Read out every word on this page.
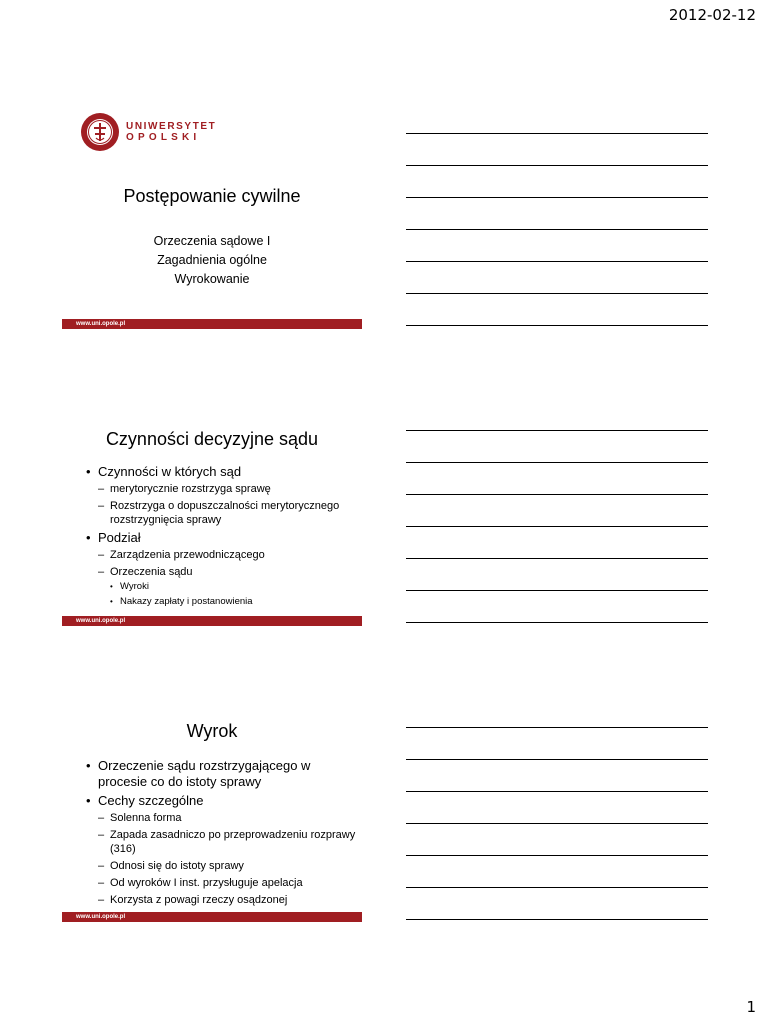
2012-02-12
UNIWERSYTET
OPOLSKI
Postępowanie cywilne
Orzeczenia sądowe I
Zagadnienia ogólne
Wyrokowanie
www.uni.opole.pl
Czynności decyzyjne sądu
• Czynności w których sąd
– merytorycznie rozstrzyga sprawę
– Rozstrzyga o dopuszczalności merytorycznego rozstrzygnięcia sprawy
• Podział
– Zarządzenia przewodniczącego
– Orzeczenia sądu
• Wyroki
• Nakazy zapłaty i postanowienia
www.uni.opole.pl
Wyrok
• Orzeczenie sądu rozstrzygającego w procesie co do istoty sprawy
• Cechy szczególne
– Solenna forma
– Zapada zasadniczo po przeprowadzeniu rozprawy (316)
– Odnosi się do istoty sprawy
– Od wyroków I inst. przysługuje apelacja
– Korzysta z powagi rzeczy osądzonej
www.uni.opole.pl
1
